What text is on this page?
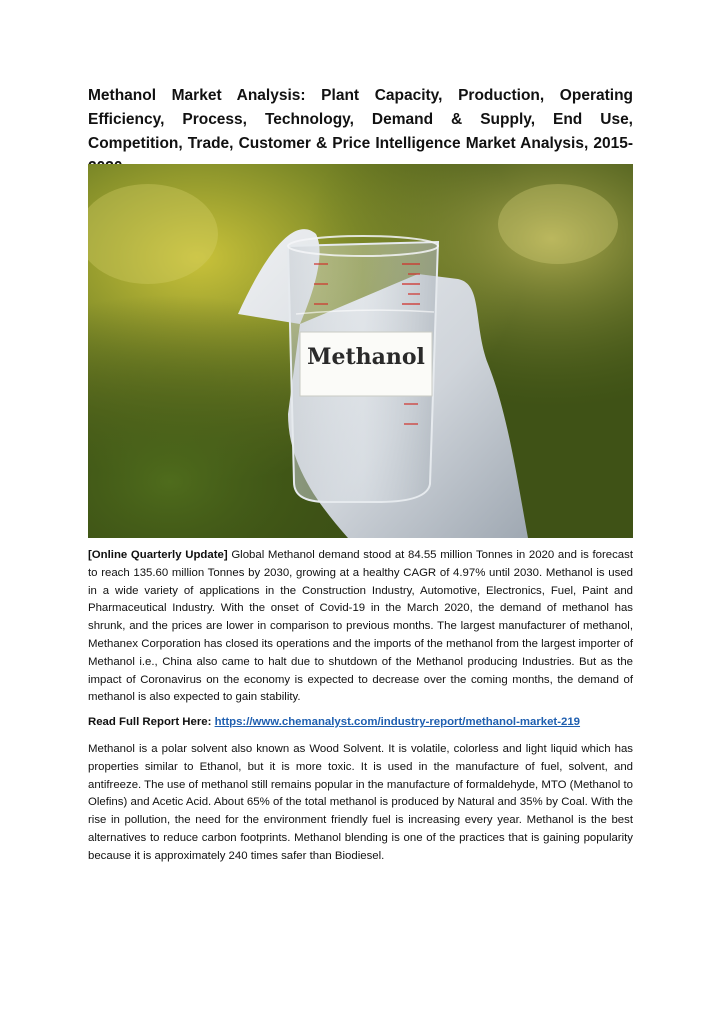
Methanol Market Analysis: Plant Capacity, Production, Operating Efficiency, Process, Technology, Demand & Supply, End Use, Competition, Trade, Customer & Price Intelligence Market Analysis, 2015-
Methanol

[Online Quarterly Update] Global Methanol demand stood at 84.55 million Tonnes in 2020 and is forecast to reach 135.60 million Tonnes by 2030, growing at a healthy CAGR of 4.97% until 2030. Methanol is used in a wide variety of applications in the Construction Industry, Automotive, Electronics, Fuel, Paint and Pharmaceutical Industry. With the onset of Covid-19 in the March 2020, the demand of methanol has shrunk, and the prices are lower in comparison to previous months. The largest manufacturer of methanol, Methanex Corporation has closed its operations and the imports of the methanol from the largest importer of Methanol i.e., China also came to halt due to shutdown of the Methanol producing Industries. But as the impact of Coronavirus on the economy is expected to decrease over the coming months, the demand of methanol is also expected to gain stability.

Read Full Report Here: https://www.chemanalyst.com/industry-report/methanol-market-219

Methanol is a polar solvent also known as Wood Solvent. It is volatile, colorless and light liquid which has properties similar to Ethanol, but it is more toxic. It is used in the manufacture of fuel, solvent, and antifreeze. The use of methanol still remains popular in the manufacture of formaldehyde, MTO (Methanol to Olefins) and Acetic Acid. About 65% of the total methanol is produced by Natural and 35% by Coal. With the rise in pollution, the need for the environment friendly fuel is increasing every year. Methanol is the best alternatives to reduce carbon footprints. Methanol blending is one of the practices that is gaining popularity because it is approximately 240 times safer than Biodiesel.
